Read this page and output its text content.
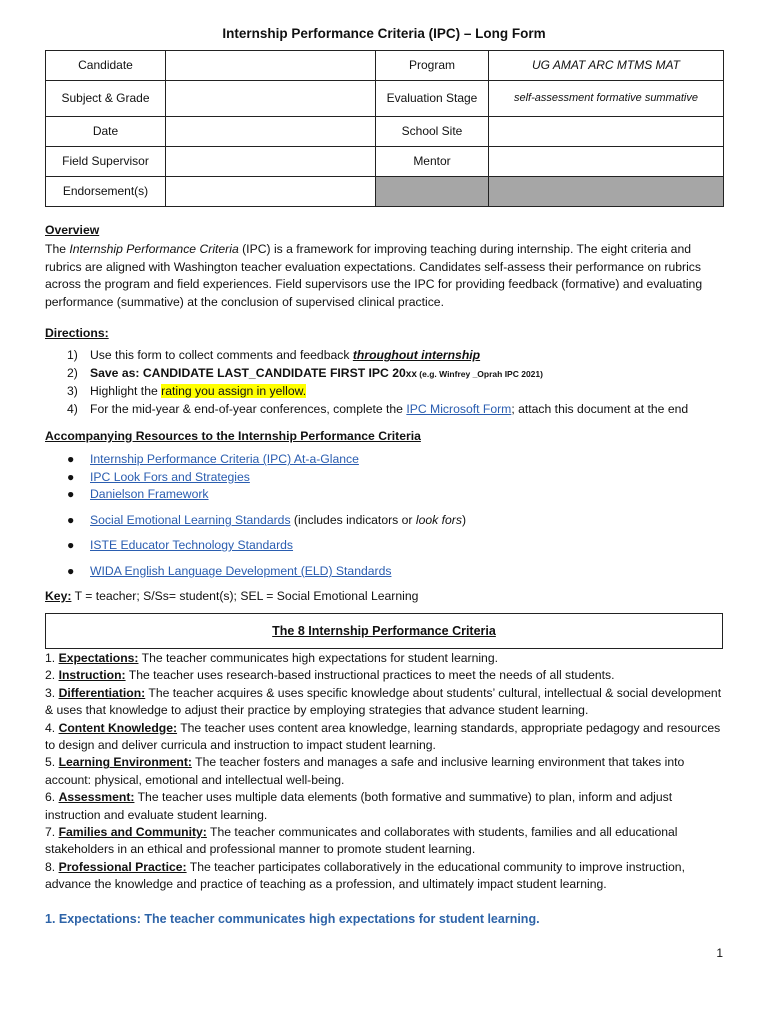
Internship Performance Criteria (IPC) – Long Form
Candidate		Program	UG AMAT ARC MTMS MAT
Subject & Grade		Evaluation Stage	self-assessment formative summative
Date		School Site	
Field Supervisor		Mentor	
Endorsement(s)			
Overview
The Internship Performance Criteria (IPC) is a framework for improving teaching during internship. The eight criteria and rubrics are aligned with Washington teacher evaluation expectations. Candidates self-assess their performance on rubrics across the program and field experiences. Field supervisors use the IPC for providing feedback (formative) and evaluating performance (summative) at the conclusion of supervised clinical practice.
Directions:
1) Use this form to collect comments and feedback throughout internship
2) Save as: CANDIDATE LAST_CANDIDATE FIRST IPC 20xx (e.g. Winfrey _Oprah IPC 2021)
3) Highlight the rating you assign in yellow.
4) For the mid-year & end-of-year conferences, complete the IPC Microsoft Form; attach this document at the end
Accompanying Resources to the Internship Performance Criteria
●	Internship Performance Criteria (IPC) At-a-Glance
●	IPC Look Fors and Strategies
●	Danielson Framework
●	Social Emotional Learning Standards (includes indicators or look fors)
●	ISTE Educator Technology Standards
●	WIDA English Language Development (ELD) Standards
Key: T = teacher; S/Ss= student(s); SEL = Social Emotional Learning
The 8 Internship Performance Criteria
1. Expectations: The teacher communicates high expectations for student learning.
2. Instruction: The teacher uses research-based instructional practices to meet the needs of all students.
3. Differentiation: The teacher acquires & uses specific knowledge about students’ cultural, intellectual & social development & uses that knowledge to adjust their practice by employing strategies that advance student learning.
4. Content Knowledge: The teacher uses content area knowledge, learning standards, appropriate pedagogy and resources to design and deliver curricula and instruction to impact student learning.
5. Learning Environment: The teacher fosters and manages a safe and inclusive learning environment that takes into account: physical, emotional and intellectual well-being.
6. Assessment: The teacher uses multiple data elements (both formative and summative) to plan, inform and adjust instruction and evaluate student learning.
7. Families and Community: The teacher communicates and collaborates with students, families and all educational stakeholders in an ethical and professional manner to promote student learning.
8. Professional Practice: The teacher participates collaboratively in the educational community to improve instruction, advance the knowledge and practice of teaching as a profession, and ultimately impact student learning.
1. Expectations: The teacher communicates high expectations for student learning.
1
